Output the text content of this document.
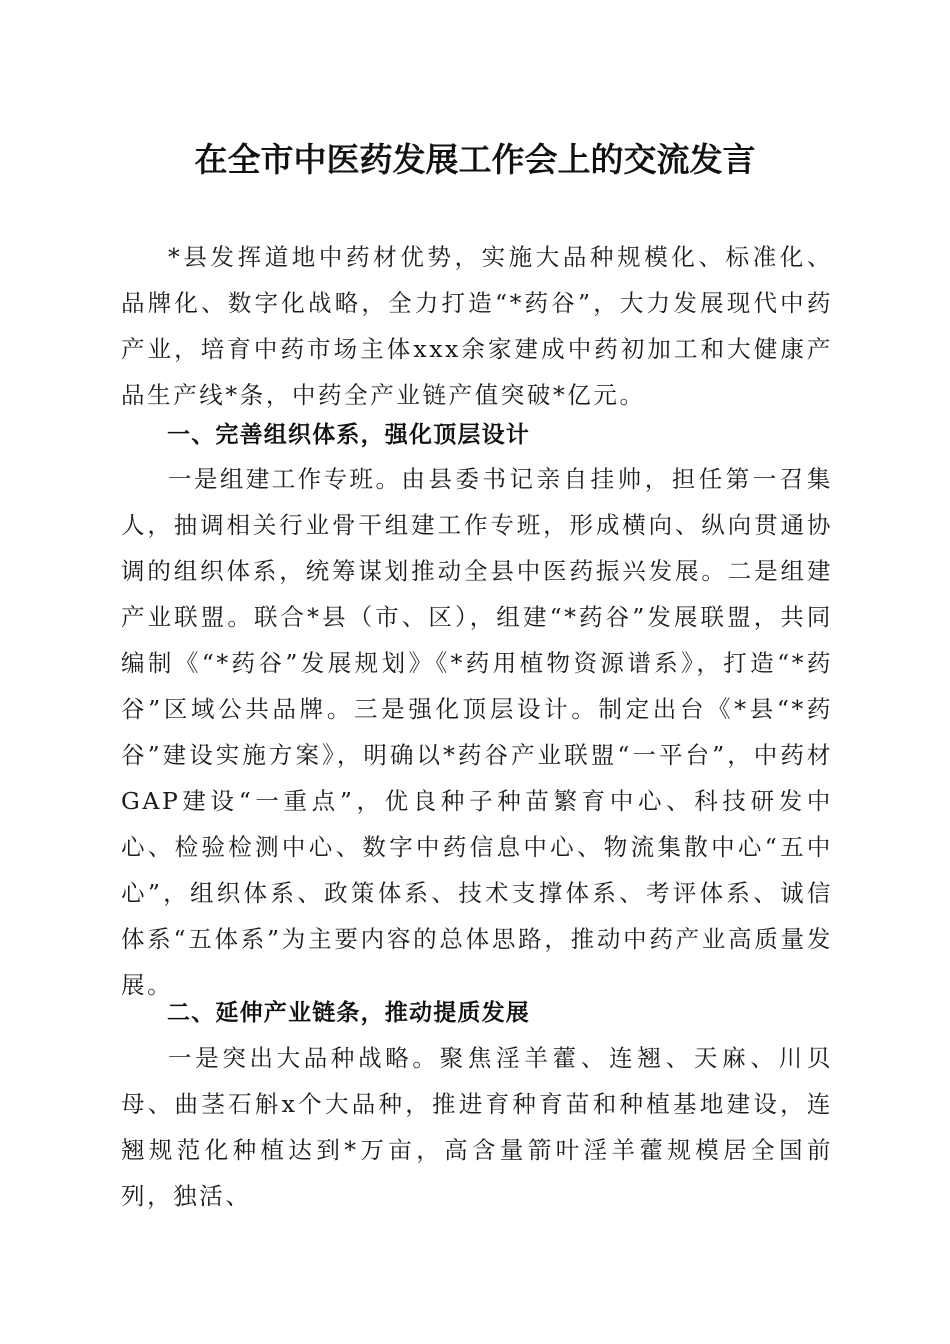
在全市中医药发展工作会上的交流发言

*县发挥道地中药材优势，实施大品种规模化、标准化、品牌化、数字化战略，全力打造“*药谷”，大力发展现代中药产业，培育中药市场主体xxx余家建成中药初加工和大健康产品生产线*条，中药全产业链产值突破*亿元。

一、完善组织体系，强化顶层设计

一是组建工作专班。由县委书记亲自挂帅，担任第一召集人，抽调相关行业骨干组建工作专班，形成横向、纵向贯通协调的组织体系，统筹谋划推动全县中医药振兴发展。二是组建产业联盟。联合*县（市、区），组建“*药谷”发展联盟，共同编制《“*药谷”发展规划》《*药用植物资源谱系》，打造“*药谷”区域公共品牌。三是强化顶层设计。制定出台《*县“*药谷”建设实施方案》，明确以*药谷产业联盟“一平台”，中药材GAP建设“一重点”，优良种子种苗繁育中心、科技研发中心、检验检测中心、数字中药信息中心、物流集散中心“五中心”，组织体系、政策体系、技术支撑体系、考评体系、诚信体系“五体系”为主要内容的总体思路，推动中药产业高质量发展。

二、延伸产业链条，推动提质发展

一是突出大品种战略。聚焦淫羊藿、连翘、天麻、川贝母、曲茎石斛x个大品种，推进育种育苗和种植基地建设，连翘规范化种植达到*万亩，高含量箭叶淫羊藿规模居全国前列，独活、
